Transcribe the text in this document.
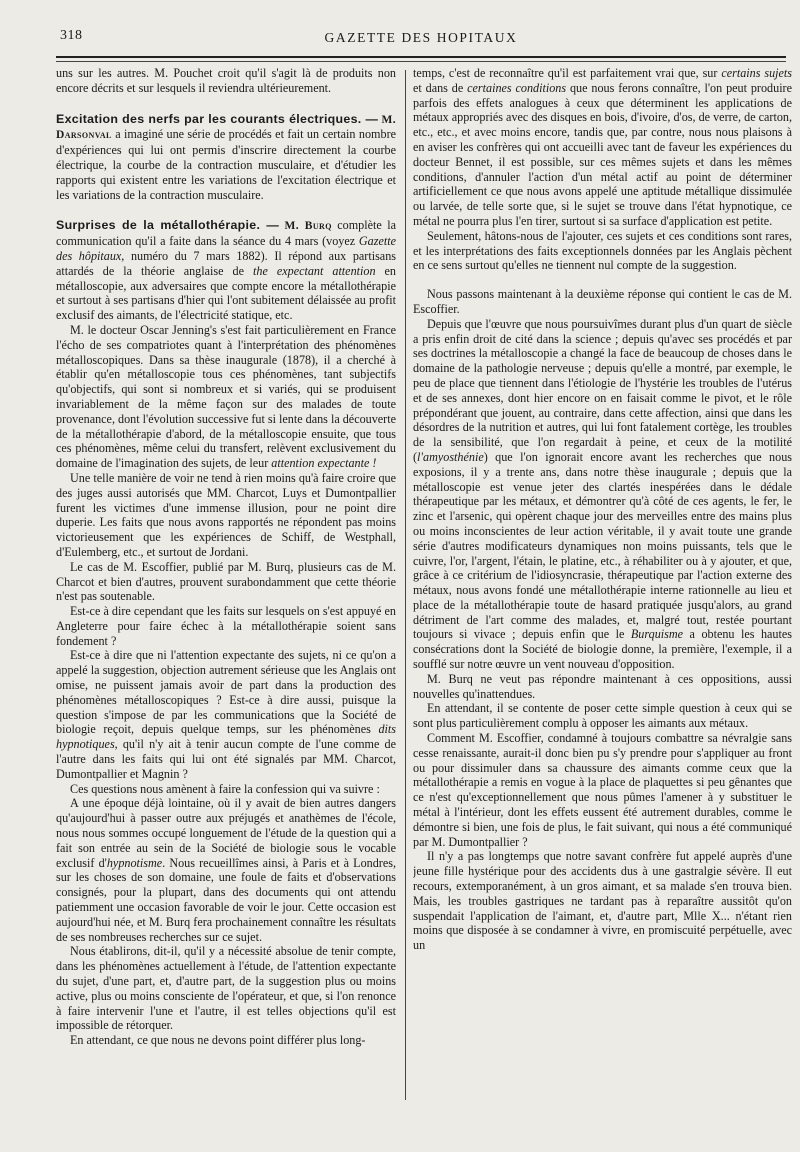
318	GAZETTE DES HOPITAUX

uns sur les autres. M. Pouchet croit qu'il s'agit là de produits non encore décrits et sur lesquels il reviendra ultérieurement.

Excitation des nerfs par les courants électriques. — M. Darsonval a imaginé une série de procédés et fait un certain nombre d'expériences qui lui ont permis d'inscrire directement la courbe électrique, la courbe de la contraction musculaire, et d'étudier les rapports qui existent entre les variations de l'excitation électrique et les variations de la contraction musculaire.

Surprises de la métallothérapie. — M. Burq complète la communication qu'il a faite dans la séance du 4 mars (voyez Gazette des hôpitaux, numéro du 7 mars 1882). Il répond aux partisans attardés de la théorie anglaise de the expectant attention en métalloscopie, aux adversaires que compte encore la métallothérapie et surtout à ses partisans d'hier qui l'ont subitement délaissée au profit exclusif des aimants, de l'électricité statique, etc.

M. le docteur Oscar Jenning's s'est fait particulièrement en France l'écho de ses compatriotes quant à l'interprétation des phénomènes métalloscopiques. Dans sa thèse inaugurale (1878), il a cherché à établir qu'en métalloscopie tous ces phénomènes, tant subjectifs qu'objectifs, qui sont si nombreux et si variés, qui se produisent invariablement de la même façon sur des malades de toute provenance, dont l'évolution successive fut si lente dans la découverte de la métallothérapie d'abord, de la métalloscopie ensuite, que tous ces phénomènes, même celui du transfert, relèvent exclusivement du domaine de l'imagination des sujets, de leur attention expectante !

Une telle manière de voir ne tend à rien moins qu'à faire croire que des juges aussi autorisés que MM. Charcot, Luys et Dumontpallier furent les victimes d'une immense illusion, pour ne point dire duperie. Les faits que nous avons rapportés ne répondent pas moins victorieusement que les expériences de Schiff, de Westphall, d'Eulemberg, etc., et surtout de Jordani.

Le cas de M. Escoffier, publié par M. Burq, plusieurs cas de M. Charcot et bien d'autres, prouvent surabondamment que cette théorie n'est pas soutenable.

Est-ce à dire cependant que les faits sur lesquels on s'est appuyé en Angleterre pour faire échec à la métallothérapie soient sans fondement ?

Est-ce à dire que ni l'attention expectante des sujets, ni ce qu'on a appelé la suggestion, objection autrement sérieuse que les Anglais ont omise, ne puissent jamais avoir de part dans la production des phénomènes métalloscopiques ? Est-ce à dire aussi, puisque la question s'impose de par les communications que la Société de biologie reçoit, depuis quelque temps, sur les phénomènes dits hypnotiques, qu'il n'y ait à tenir aucun compte de l'une comme de l'autre dans les faits qui lui ont été signalés par MM. Charcot, Dumontpallier et Magnin ?

Ces questions nous amènent à faire la confession qui va suivre :

A une époque déjà lointaine, où il y avait de bien autres dangers qu'aujourd'hui à passer outre aux préjugés et anathèmes de l'école, nous nous sommes occupé longuement de l'étude de la question qui a fait son entrée au sein de la Société de biologie sous le vocable exclusif d'hypnotisme. Nous recueillîmes ainsi, à Paris et à Londres, sur les choses de son domaine, une foule de faits et d'observations consignés, pour la plupart, dans des documents qui ont attendu patiemment une occasion favorable de voir le jour. Cette occasion est aujourd'hui née, et M. Burq fera prochainement connaître les résultats de ses nombreuses recherches sur ce sujet.

Nous établirons, dit-il, qu'il y a nécessité absolue de tenir compte, dans les phénomènes actuellement à l'étude, de l'attention expectante du sujet, d'une part, et, d'autre part, de la suggestion plus ou moins active, plus ou moins consciente de l'opérateur, et que, si l'on renonce à faire intervenir l'une et l'autre, il est telles objections qu'il est impossible de rétorquer.

En attendant, ce que nous ne devons point différer plus long-

temps, c'est de reconnaître qu'il est parfaitement vrai que, sur certains sujets et dans de certaines conditions que nous ferons connaître, l'on peut produire parfois des effets analogues à ceux que déterminent les applications de métaux appropriés avec des disques en bois, d'ivoire, d'os, de verre, de carton, etc., etc., et avec moins encore, tandis que, par contre, nous nous plaisons à en aviser les confrères qui ont accueilli avec tant de faveur les expériences du docteur Bennet, il est possible, sur ces mêmes sujets et dans les mêmes conditions, d'annuler l'action d'un métal actif au point de déterminer artificiellement ce que nous avons appelé une aptitude métallique dissimulée ou larvée, de telle sorte que, si le sujet se trouve dans l'état hypnotique, ce métal ne pourra plus l'en tirer, surtout si sa surface d'application est petite.

Seulement, hâtons-nous de l'ajouter, ces sujets et ces conditions sont rares, et les interprétations des faits exceptionnels données par les Anglais pèchent en ce sens surtout qu'elles ne tiennent nul compte de la suggestion.

Nous passons maintenant à la deuxième réponse qui contient le cas de M. Escoffier.

Depuis que l'œuvre que nous poursuivîmes durant plus d'un quart de siècle a pris enfin droit de cité dans la science ; depuis qu'avec ses procédés et par ses doctrines la métalloscopie a changé la face de beaucoup de choses dans le domaine de la pathologie nerveuse ; depuis qu'elle a montré, par exemple, le peu de place que tiennent dans l'étiologie de l'hystérie les troubles de l'utérus et de ses annexes, dont hier encore on en faisait comme le pivot, et le rôle prépondérant que jouent, au contraire, dans cette affection, ainsi que dans les désordres de la nutrition et autres, qui lui font fatalement cortège, les troubles de la sensibilité, que l'on regardait à peine, et ceux de la motilité (l'amyosthénie) que l'on ignorait encore avant les recherches que nous exposions, il y a trente ans, dans notre thèse inaugurale ; depuis que la métalloscopie est venue jeter des clartés inespérées dans le dédale thérapeutique par les métaux, et démontrer qu'à côté de ces agents, le fer, le zinc et l'arsenic, qui opèrent chaque jour des merveilles entre des mains plus ou moins inconscientes de leur action véritable, il y avait toute une grande série d'autres modificateurs dynamiques non moins puissants, tels que le cuivre, l'or, l'argent, l'étain, le platine, etc., à réhabiliter ou à y ajouter, et que, grâce à ce critérium de l'idiosyncrasie, thérapeutique par l'action externe des métaux, nous avons fondé une métallothérapie interne rationnelle au lieu et place de la métallothérapie toute de hasard pratiquée jusqu'alors, au grand détriment de l'art comme des malades, et, malgré tout, restée pourtant toujours si vivace ; depuis enfin que le Burquisme a obtenu les hautes consécrations dont la Société de biologie donne, la première, l'exemple, il a soufflé sur notre œuvre un vent nouveau d'opposition.

M. Burq ne veut pas répondre maintenant à ces oppositions, aussi nouvelles qu'inattendues.

En attendant, il se contente de poser cette simple question à ceux qui se sont plus particulièrement complu à opposer les aimants aux métaux.

Comment M. Escoffier, condamné à toujours combattre sa névralgie sans cesse renaissante, aurait-il donc bien pu s'y prendre pour s'appliquer au front ou pour dissimuler dans sa chaussure des aimants comme ceux que la métallothérapie a remis en vogue à la place de plaquettes si peu gênantes que ce n'est qu'exceptionnellement que nous pûmes l'amener à y substituer le métal à l'intérieur, dont les effets eussent été autrement durables, comme le démontre si bien, une fois de plus, le fait suivant, qui nous a été communiqué par M. Dumontpallier ?

Il n'y a pas longtemps que notre savant confrère fut appelé auprès d'une jeune fille hystérique pour des accidents dus à une gastralgie sévère. Il eut recours, extemporanément, à un gros aimant, et sa malade s'en trouva bien. Mais, les troubles gastriques ne tardant pas à reparaître aussitôt qu'on suspendait l'application de l'aimant, et, d'autre part, Mlle X... n'étant rien moins que disposée à se condamner à vivre, en promiscuité perpétuelle, avec un
